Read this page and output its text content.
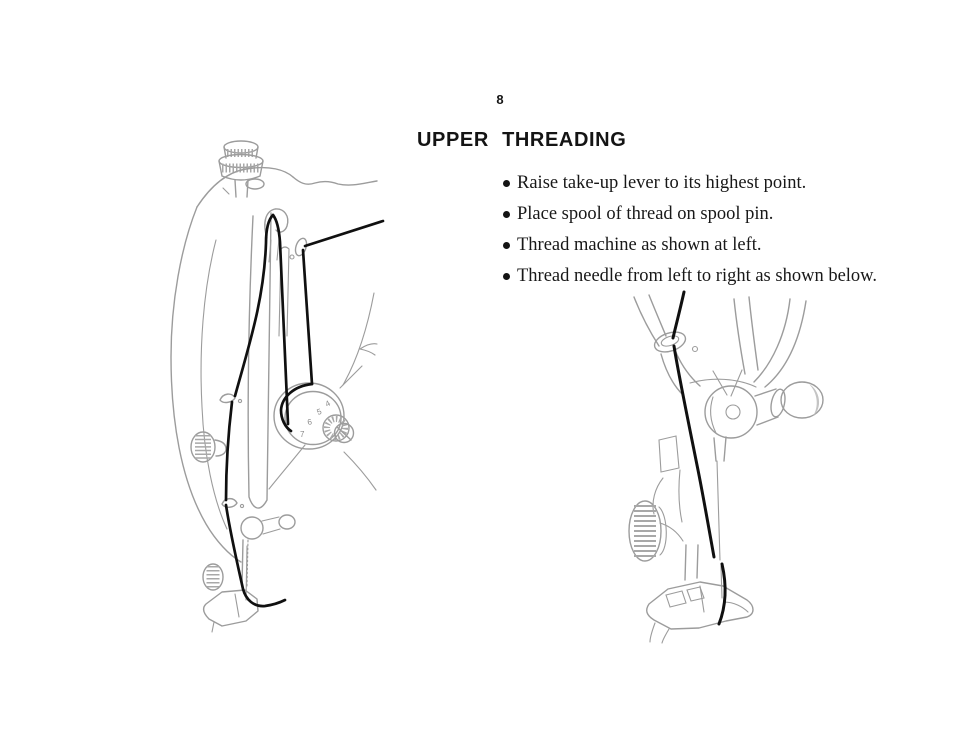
8
UPPER THREADING
Raise take-up lever to its highest point.
Place spool of thread on spool pin.
Thread machine as shown at left.
Thread needle from left to right as shown below.
4
5
6
7
